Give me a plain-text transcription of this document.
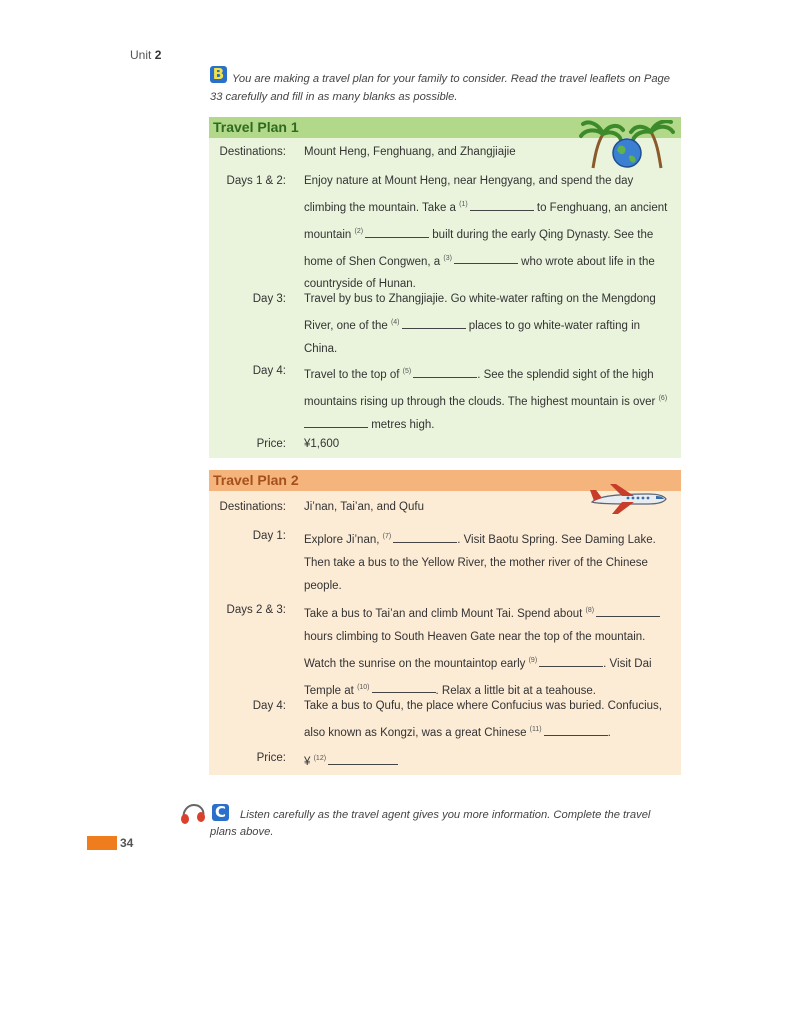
Unit 2
You are making a travel plan for your family to consider. Read the travel leaflets on Page 33 carefully and fill in as many blanks as possible.
B
Travel Plan 1
Destinations: Mount Heng, Fenghuang, and Zhangjiajie
Days 1 & 2: Enjoy nature at Mount Heng, near Hengyang, and spend the day climbing the mountain. Take a $^{(1)}$	to Fenghuang, an ancient mountain $^{(2)}$	built during the early Qing Dynasty. See the home of Shen Congwen, a $^{(3)}$	who wrote about life in the countryside of Hunan.
Day 3: Travel by bus to Zhangjiajie. Go white-water rafting on the Mengdong River, one of the $^{(4)}$	places to go white-water rafting in China.
Day 4: Travel to the top of $^{(5)}$	. See the splendid sight of the high mountains rising up through the clouds. The highest mountain is over $^{(6)}$ metres high.
Price: ¥1,600
Travel Plan 2
Destinations: Ji’nan, Tai’an, and Qufu
Day 1: Explore Ji’nan, $^{(7)}$	. Visit Baotu Spring. See Daming Lake. Then take a bus to the Yellow River, the mother river of the Chinese people.
Days 2 & 3: Take a bus to Tai’an and climb Mount Tai. Spend about $^{(8)}$ hours climbing to South Heaven Gate near the top of the mountain. Watch the sunrise on the mountaintop early $^{(9)}$	. Visit Dai Temple at $^{(10)}$	. Relax a little bit at a teahouse.
Day 4: Take a bus to Qufu, the place where Confucius was buried. Confucius, also known as Kongzi, was a great Chinese $^{(11)}$	.
Price: ¥ $^{(12)}$
Listen carefully as the travel agent gives you more information. Complete the travel plans above.
C
34
